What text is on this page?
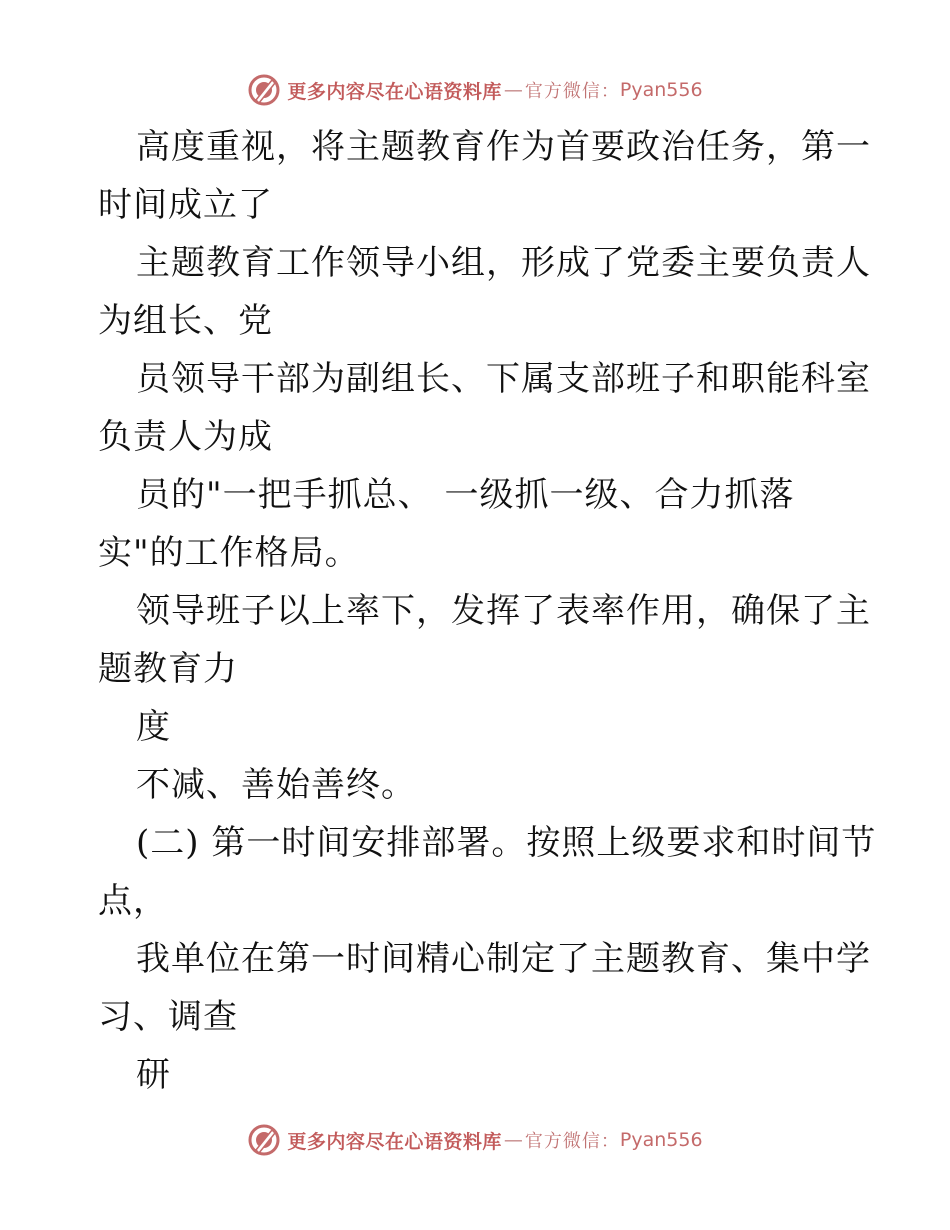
更多内容尽在心语资料库 — 官方微信： Pyan556
高度重视，将主题教育作为首要政治任务，第一
时间成立了
主题教育工作领导小组，形成了党委主要负责人
为组长、党
员领导干部为副组长、下属支部班子和职能科室
负责人为成
员的"一把手抓总、 一级抓一级、合力抓落
实"的工作格局。
领导班子以上率下，发挥了表率作用，确保了主
题教育力
度
不减、善始善终。
(二) 第一时间安排部署。按照上级要求和时间节
点，
我单位在第一时间精心制定了主题教育、集中学
习、调查
研
更多内容尽在心语资料库 — 官方微信： Pyan556
